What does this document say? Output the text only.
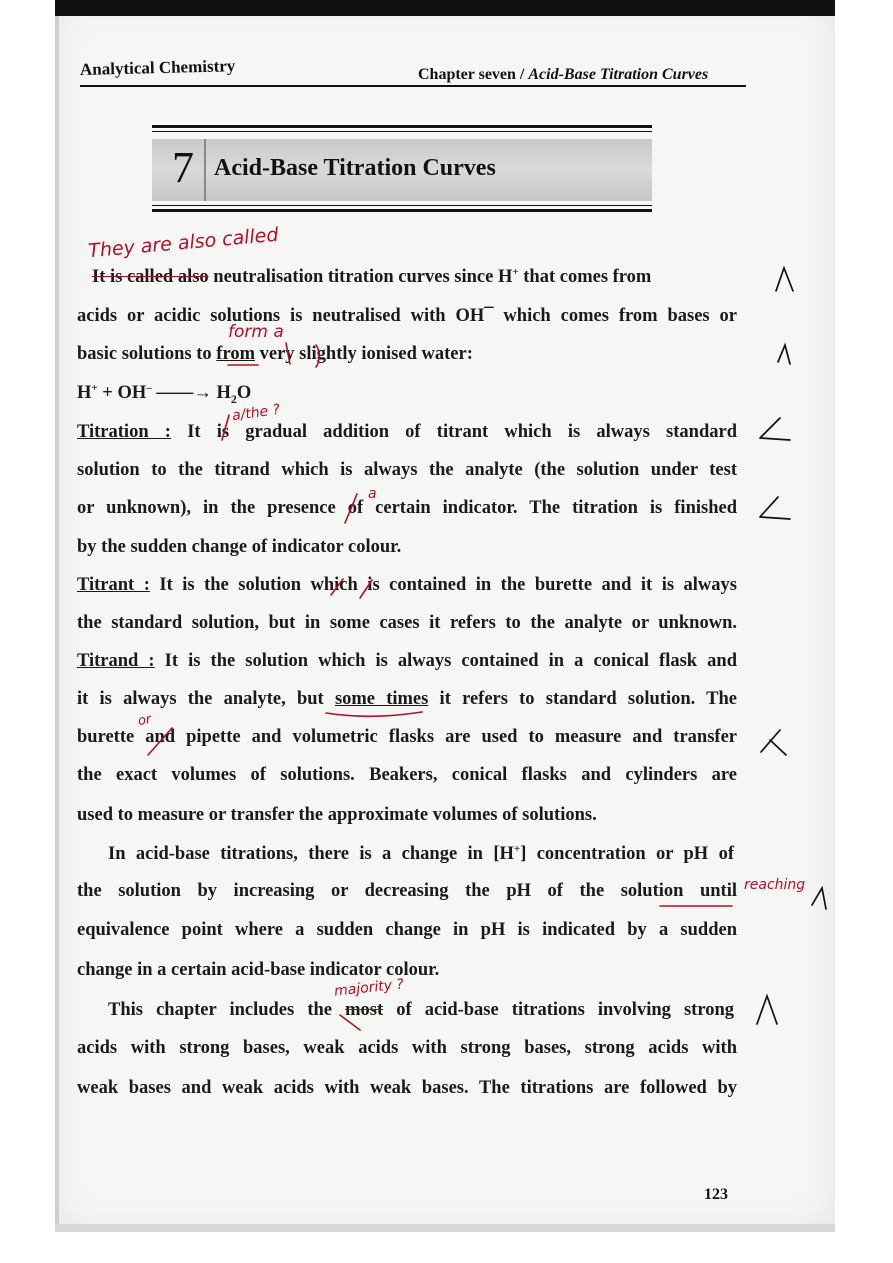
Analytical Chemistry	Chapter seven / Acid-Base Titration Curves
7 Acid-Base Titration Curves
It is called also neutralisation titration curves since H+ that comes from
acids or acidic solutions is neutralised with OH¯ which comes from bases or
basic solutions to from very slightly ionised water:
H+ + OH– ——→ $H_2O$
Titration : It is gradual addition of titrant which is always standard
solution to the titrand which is always the analyte (the solution under test
or unknown), in the presence of certain indicator. The titration is finished
by the sudden change of indicator colour.
Titrant : It is the solution which is contained in the burette and it is always
the standard solution, but in some cases it refers to the analyte or unknown.
Titrand : It is the solution which is always contained in a conical flask and
it is always the analyte, but some times it refers to standard solution. The
burette and pipette and volumetric flasks are used to measure and transfer
the exact volumes of solutions. Beakers, conical flasks and cylinders are
used to measure or transfer the approximate volumes of solutions.
In acid-base titrations, there is a change in [H+] concentration or pH of
the solution by increasing or decreasing the pH of the solution until
equivalence point where a sudden change in pH is indicated by a sudden
change in a certain acid-base indicator colour.
This chapter includes the most of acid-base titrations involving strong
acids with strong bases, weak acids with strong bases, strong acids with
weak bases and weak acids with weak bases. The titrations are followed by
They are also called
form a
a/the ?
a
or
reaching
majority ?
123
